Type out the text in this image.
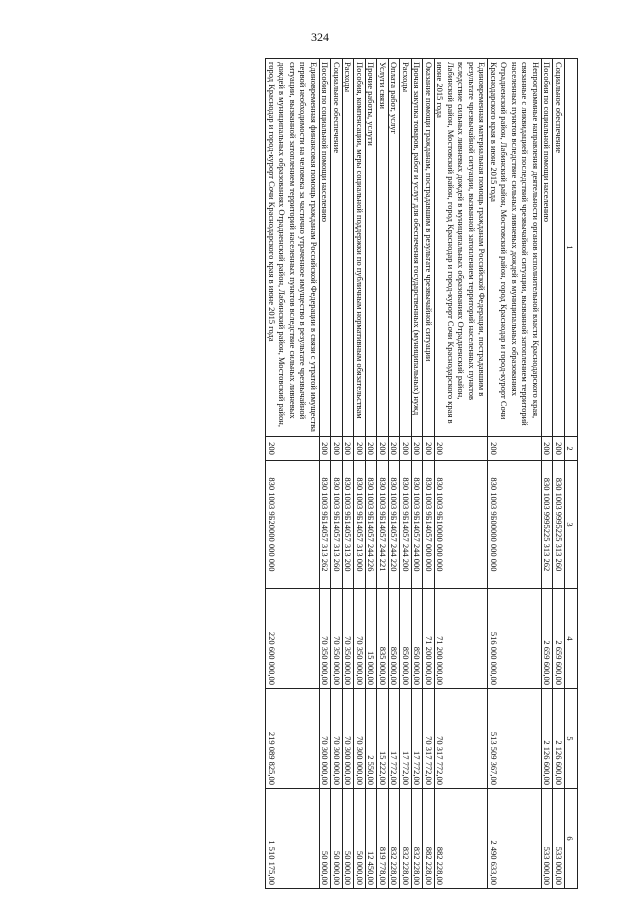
324
1	2	3	4	5	6
Социальное обеспечение	200	830 1003 9995225 313 260	2 659 600,00	2 126 600,00	533 000,00
Пособия по социальной помощи населению	200	830 1003 9995225 313 262	2 659 600,00	2 126 600,00	533 000,00
Непрограммные направления деятельности органов исполнительной власти Краснодарского края, связанные с ликвидацией последствий чрезвычайной ситуации, вызванной затоплением территорий населенных пунктов вследствие сильных ливневых дождей в муниципальных образованиях Отрадненский район, Лабинский район, Мостовский район, город Краснодар и город-курорт Сочи Краснодарского края в июне 2015 года	200	830 1003 9Б00000 000 000	516 000 000,00	513 509 367,00	2 490 633,00
Единовременная материальная помощь гражданам Российской Федерации, пострадавшим в результате чрезвычайной ситуации, вызванной затоплением территорий населенных пунктов вследствие сильных ливневых дождей в муниципальных образованиях Отрадненский район, Лабинский район, Мостовский район, город Краснодар и город-курорт Сочи Краснодарского края в июне 2015 года	200	830 1003 9Б10000 000 000	71 200 000,00	70 317 772,00	882 228,00
Оказание помощи гражданам, пострадавшим в результате чрезвычайной ситуации	200	830 1003 9Б14057 000 000	71 200 000,00	70 317 772,00	882 228,00
Прочая закупка товаров, работ и услуг для обеспечения государственных (муниципальных) нужд	200	830 1003 9Б14057 244 000	850 000,00	17 772,00	832 228,00
Расходы	200	830 1003 9Б14057 244 200	850 000,00	17 772,00	832 228,00
Оплата работ, услуг	200	830 1003 9Б14057 244 220	850 000,00	17 772,00	832 228,00
Услуги связи	200	830 1003 9Б14057 244 221	835 000,00	15 222,00	819 778,00
Прочие работы, услуги	200	830 1003 9Б14057 244 226	15 000,00	2 550,00	12 450,00
Пособия, компенсации, меры социальной поддержки по публичным нормативным обязательствам	200	830 1003 9Б14057 313 000	70 350 000,00	70 300 000,00	50 000,00
Расходы	200	830 1003 9Б14057 313 200	70 350 000,00	70 300 000,00	50 000,00
Социальное обеспечение	200	830 1003 9Б14057 313 260	70 350 000,00	70 300 000,00	50 000,00
Пособия по социальной помощи населению	200	830 1003 9Б14057 313 262	70 350 000,00	70 300 000,00	50 000,00
Единовременная финансовая помощь гражданам Российской Федерации в связи с утратой имущества первой необходимости на человека за частично утраченное имущество в результате чрезвычайной ситуации, вызванной затоплением территорий населенных пунктов вследствие сильных ливневых дождей в муниципальных образованиях Отрадненский район, Лабинский район, Мостовский район, город Краснодар и город-курорт Сочи Краснодарского края в июне 2015 года	200	830 1003 9Б20000 000 000	220 600 000,00	219 089 825,00	1 510 175,00
